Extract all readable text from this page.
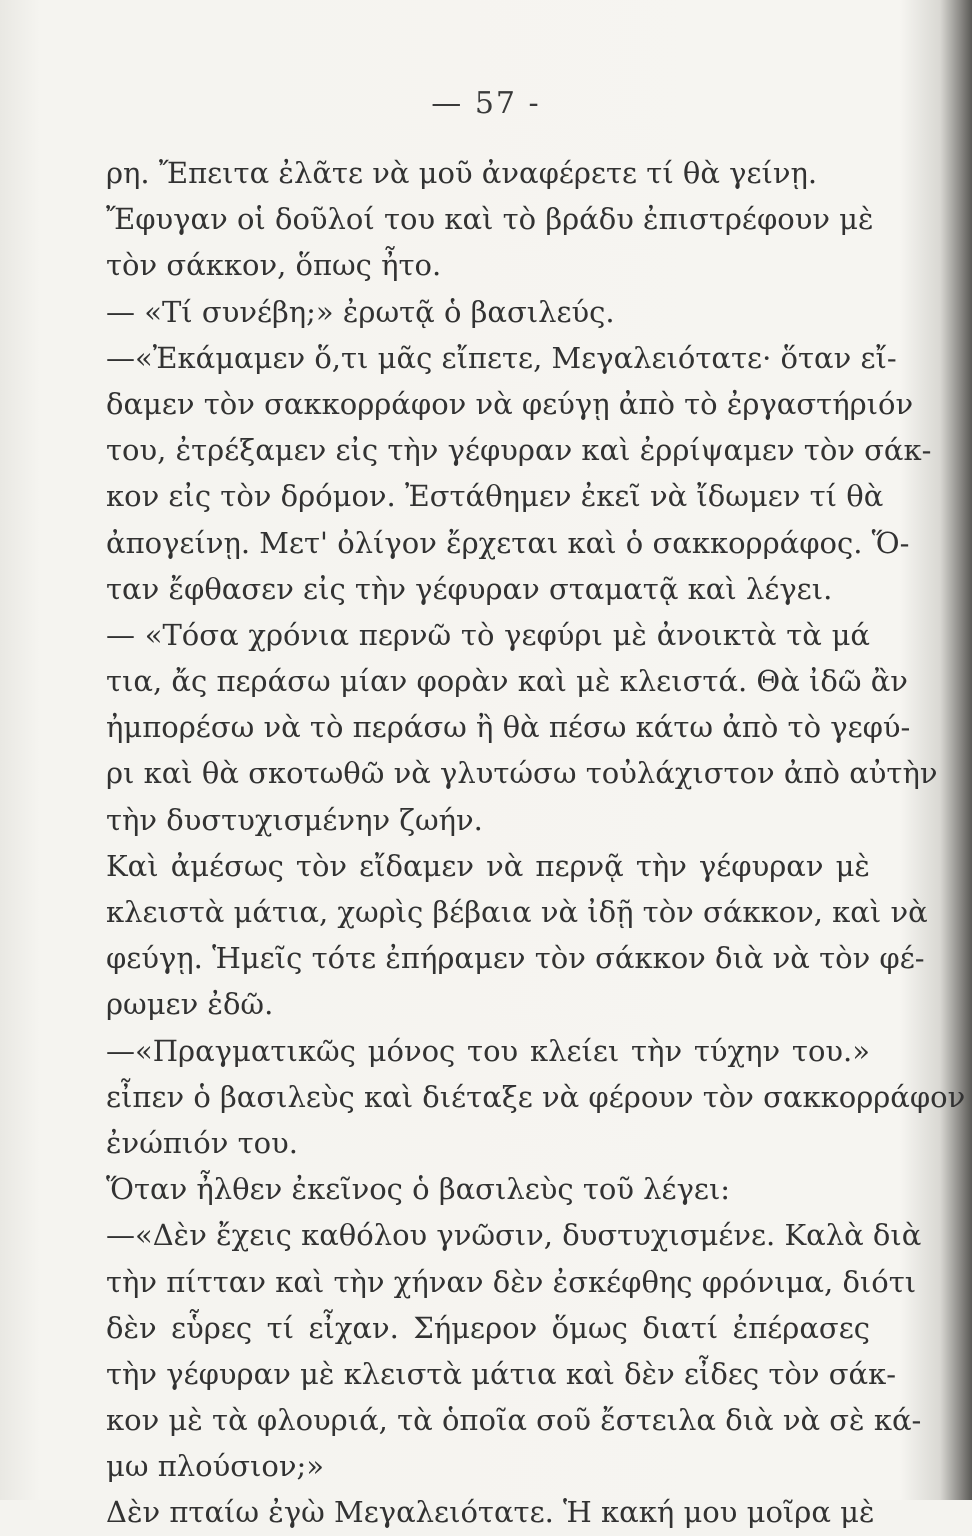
— 57 -
ρη. Ἔπειτα ἐλᾶτε νὰ μοῦ ἀναφέρετε τί θὰ γείνῃ.
Ἔφυγαν οἱ δοῦλοί του καὶ τὸ βράδυ ἐπιστρέφουν μὲ
τὸν σάκκον, ὅπως ἦτο.
— «Τί συνέβη;» ἐρωτᾷ ὁ βασιλεύς.
—«Ἐκάμαμεν ὅ,τι μᾶς εἴπετε, Μεγαλειότατε· ὅταν εἴ-
δαμεν τὸν σακκορράφον νὰ φεύγῃ ἀπὸ τὸ ἐργαστήριόν
του, ἐτρέξαμεν εἰς τὴν γέφυραν καὶ ἐρρίψαμεν τὸν σάκ-
κον εἰς τὸν δρόμον. Ἐστάθημεν ἐκεῖ νὰ ἴδωμεν τί θὰ
ἀπογείνῃ. Μετ' ὀλίγον ἔρχεται καὶ ὁ σακκορράφος. Ὅ-
ταν ἔφθασεν εἰς τὴν γέφυραν σταματᾷ καὶ λέγει.
— «Τόσα χρόνια περνῶ τὸ γεφύρι μὲ ἀνοικτὰ τὰ μά
τια, ἄς περάσω μίαν φορὰν καὶ μὲ κλειστά. Θὰ ἰδῶ ἂν
ἠμπορέσω νὰ τὸ περάσω ἢ θὰ πέσω κάτω ἀπὸ τὸ γεφύ-
ρι καὶ θὰ σκοτωθῶ νὰ γλυτώσω τοὐλάχιστον ἀπὸ αὐτὴν
τὴν δυστυχισμένην ζωήν.
Καὶ ἀμέσως τὸν εἴδαμεν νὰ περνᾷ τὴν γέφυραν μὲ
κλειστὰ μάτια, χωρὶς βέβαια νὰ ἰδῇ τὸν σάκκον, καὶ νὰ
φεύγῃ. Ἡμεῖς τότε ἐπήραμεν τὸν σάκκον διὰ νὰ τὸν φέ-
ρωμεν ἐδῶ.
—«Πραγματικῶς μόνος του κλείει τὴν τύχην του.»
εἶπεν ὁ βασιλεὺς καὶ διέταξε νὰ φέρουν τὸν σακκορράφον
ἐνώπιόν του.
Ὅταν ἦλθεν ἐκεῖνος ὁ βασιλεὺς τοῦ λέγει:
—«Δὲν ἔχεις καθόλου γνῶσιν, δυστυχισμένε. Καλὰ διὰ
τὴν πίτταν καὶ τὴν χήναν δὲν ἐσκέφθης φρόνιμα, διότι
δὲν εὗρες τί εἶχαν. Σήμερον ὅμως διατί ἐπέρασες
τὴν γέφυραν μὲ κλειστὰ μάτια καὶ δὲν εἶδες τὸν σάκ-
κον μὲ τὰ φλουριά, τὰ ὁποῖα σοῦ ἔστειλα διὰ νὰ σὲ κά-
μω πλούσιον;»
Δὲν πταίω ἐγὼ Μεγαλειότατε. Ἡ κακή μου μοῖρα μὲ
